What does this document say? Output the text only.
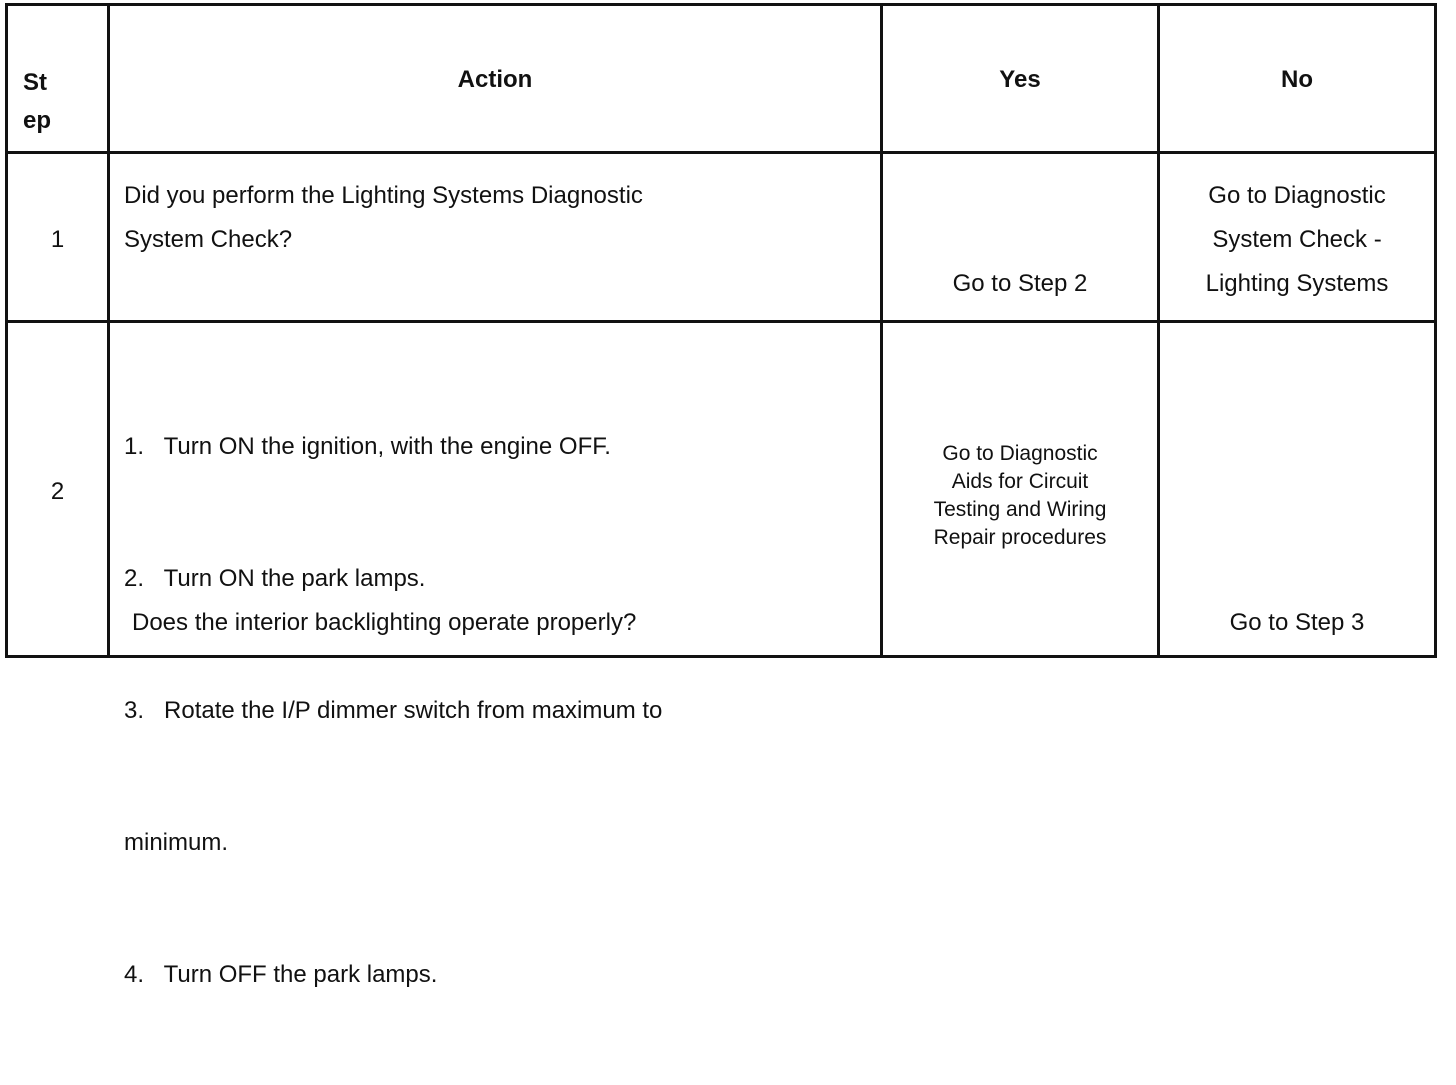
St
ep
Action	Yes	No
1
Did you perform the Lighting Systems Diagnostic
System Check?
Go to Step 2
Go to Diagnostic
System Check -
Lighting Systems
2

1.   Turn ON the ignition, with the engine OFF.

2.   Turn ON the park lamps.

3.   Rotate the I/P dimmer switch from maximum to

minimum.

4.   Turn OFF the park lamps.

Does the interior backlighting operate properly?
Go to Diagnostic
Aids for Circuit
Testing and Wiring
Repair procedures
Go to Step 3
